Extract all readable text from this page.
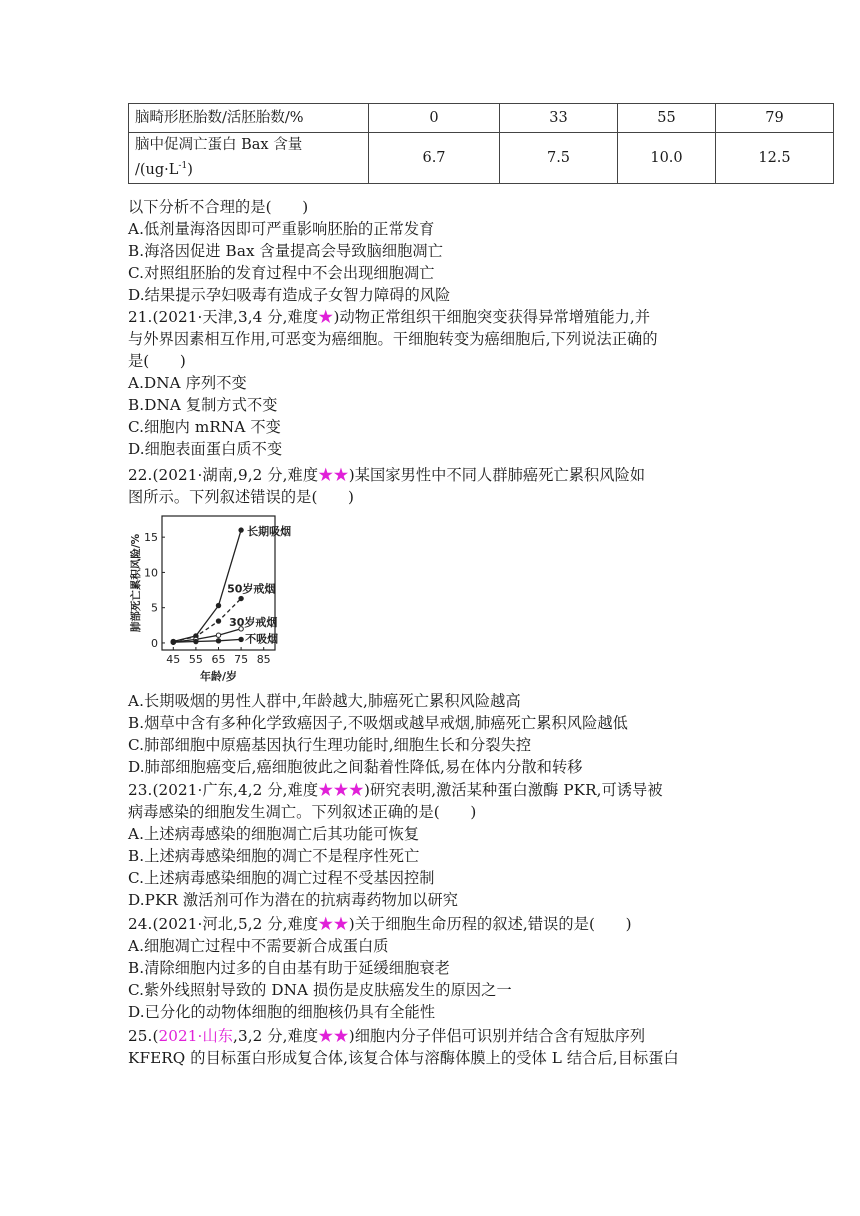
脑畸形胚胎数/活胚胎数/%	0	33	55	79
脑中促凋亡蛋白 Bax 含量
$/(ug\cdot L^{-1})$	6.7	7.5	10.0	12.5
以下分析不合理的是(　　)
A.低剂量海洛因即可严重影响胚胎的正常发育
B.海洛因促进 Bax 含量提高会导致脑细胞凋亡
C.对照组胚胎的发育过程中不会出现细胞凋亡
D.结果提示孕妇吸毒有造成子女智力障碍的风险
21.(2021·天津,3,4 分,难度★)动物正常组织干细胞突变获得异常增殖能力,并
与外界因素相互作用,可恶变为癌细胞。干细胞转变为癌细胞后,下列说法正确的
是(　　)
A.DNA 序列不变
B.DNA 复制方式不变
C.细胞内 mRNA 不变
D.细胞表面蛋白质不变
22.(2021·湖南,9,2 分,难度★★)某国家男性中不同人群肺癌死亡累积风险如
图所示。下列叙述错误的是(　　)
0
5
10
15
45 55 65 75 85
年龄/岁
肺部死亡累积风险/%
长期吸烟
50岁戒烟
30岁戒烟
不吸烟
A.长期吸烟的男性人群中,年龄越大,肺癌死亡累积风险越高
B.烟草中含有多种化学致癌因子,不吸烟或越早戒烟,肺癌死亡累积风险越低
C.肺部细胞中原癌基因执行生理功能时,细胞生长和分裂失控
D.肺部细胞癌变后,癌细胞彼此之间黏着性降低,易在体内分散和转移
23.(2021·广东,4,2 分,难度★★★)研究表明,激活某种蛋白激酶 PKR,可诱导被
病毒感染的细胞发生凋亡。下列叙述正确的是(　　)
A.上述病毒感染的细胞凋亡后其功能可恢复
B.上述病毒感染细胞的凋亡不是程序性死亡
C.上述病毒感染细胞的凋亡过程不受基因控制
D.PKR 激活剂可作为潜在的抗病毒药物加以研究
24.(2021·河北,5,2 分,难度★★)关于细胞生命历程的叙述,错误的是(　　)
A.细胞凋亡过程中不需要新合成蛋白质
B.清除细胞内过多的自由基有助于延缓细胞衰老
C.紫外线照射导致的 DNA 损伤是皮肤癌发生的原因之一
D.已分化的动物体细胞的细胞核仍具有全能性
25.(2021·山东,3,2 分,难度★★)细胞内分子伴侣可识别并结合含有短肽序列
KFERQ 的目标蛋白形成复合体,该复合体与溶酶体膜上的受体 L 结合后,目标蛋白
